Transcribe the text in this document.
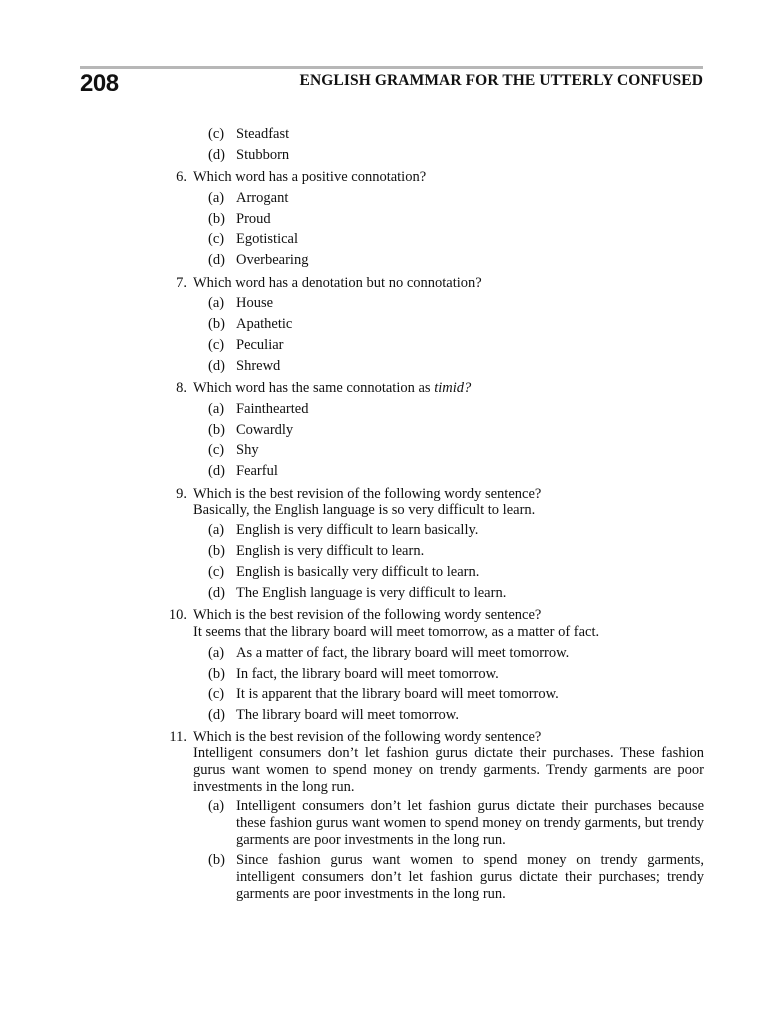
208	ENGLISH GRAMMAR FOR THE UTTERLY CONFUSED
(c) Steadfast
(d) Stubborn
6. Which word has a positive connotation?
(a) Arrogant
(b) Proud
(c) Egotistical
(d) Overbearing
7. Which word has a denotation but no connotation?
(a) House
(b) Apathetic
(c) Peculiar
(d) Shrewd
8. Which word has the same connotation as timid?
(a) Fainthearted
(b) Cowardly
(c) Shy
(d) Fearful
9. Which is the best revision of the following wordy sentence?
Basically, the English language is so very difficult to learn.
(a) English is very difficult to learn basically.
(b) English is very difficult to learn.
(c) English is basically very difficult to learn.
(d) The English language is very difficult to learn.
10. Which is the best revision of the following wordy sentence?
It seems that the library board will meet tomorrow, as a matter of fact.
(a) As a matter of fact, the library board will meet tomorrow.
(b) In fact, the library board will meet tomorrow.
(c) It is apparent that the library board will meet tomorrow.
(d) The library board will meet tomorrow.
11. Which is the best revision of the following wordy sentence?
Intelligent consumers don’t let fashion gurus dictate their purchases. These fashion gurus want women to spend money on trendy garments. Trendy garments are poor investments in the long run.
(a) Intelligent consumers don’t let fashion gurus dictate their purchases because these fashion gurus want women to spend money on trendy garments, but trendy garments are poor investments in the long run.
(b) Since fashion gurus want women to spend money on trendy garments, intelligent consumers don’t let fashion gurus dictate their purchases; trendy garments are poor investments in the long run.
